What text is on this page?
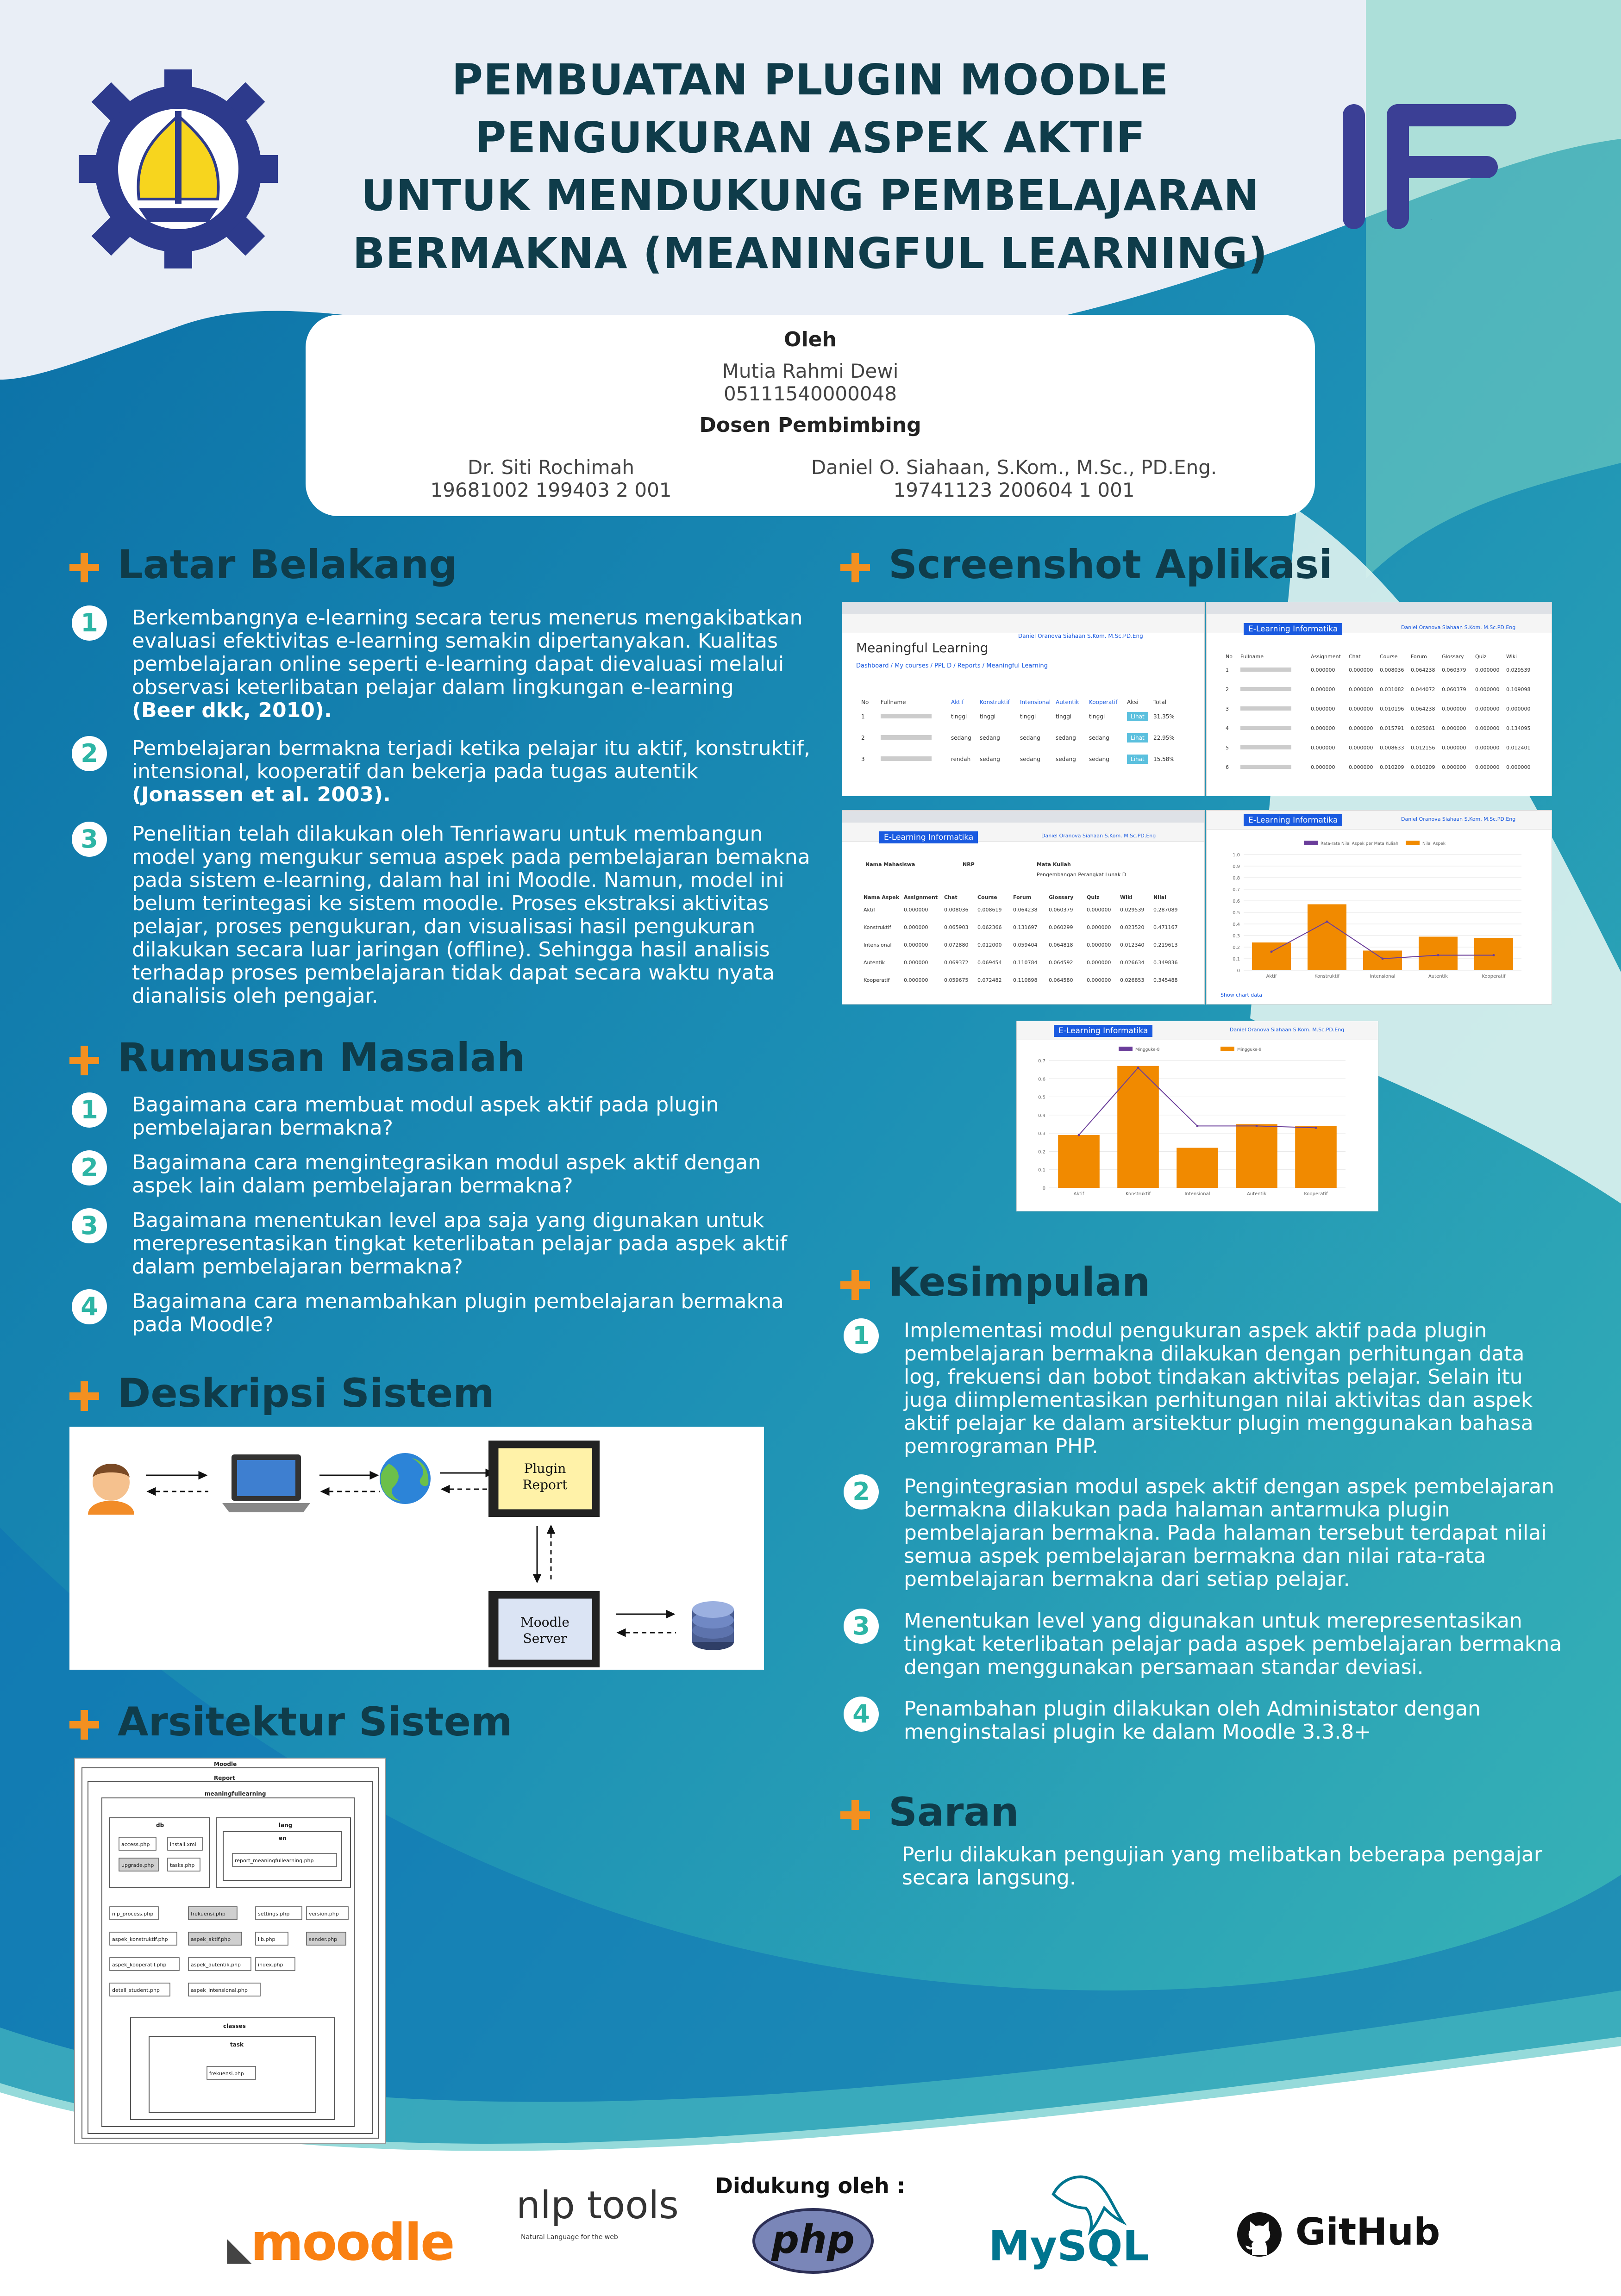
IF
PEMBUATAN PLUGIN MOODLE
PENGUKURAN ASPEK AKTIF
UNTUK MENDUKUNG PEMBELAJARAN
BERMAKNA (MEANINGFUL LEARNING)
Oleh
Mutia Rahmi Dewi
05111540000048
Dosen Pembimbing
Dr. Siti Rochimah
19681002 199403 2 001
Daniel O. Siahaan, S.Kom., M.Sc., PD.Eng.
19741123 200604 1 001
Latar Belakang
1	Berkembangnya e-learning secara terus menerus mengakibatkan
evaluasi efektivitas e-learning semakin dipertanyakan. Kualitas
pembelajaran online seperti e-learning dapat dievaluasi melalui
observasi keterlibatan pelajar dalam lingkungan e-learning
(Beer dkk, 2010).
2	Pembelajaran bermakna terjadi ketika pelajar itu aktif, konstruktif,
intensional, kooperatif dan bekerja pada tugas autentik
(Jonassen et al. 2003).
3	Penelitian telah dilakukan oleh Tenriawaru untuk membangun
model yang mengukur semua aspek pada pembelajaran bemakna
pada sistem e-learning, dalam hal ini Moodle. Namun, model ini
belum terintegasi ke sistem moodle. Proses ekstraksi aktivitas
pelajar, proses pengukuran, dan visualisasi hasil pengukuran
dilakukan secara luar jaringan (offline). Sehingga hasil analisis
terhadap proses pembelajaran tidak dapat secara waktu nyata
dianalisis oleh pengajar.
Rumusan Masalah
1	Bagaimana cara membuat modul aspek aktif pada plugin
pembelajaran bermakna?
2	Bagaimana cara mengintegrasikan modul aspek aktif dengan
aspek lain dalam pembelajaran bermakna?
3	Bagaimana menentukan level apa saja yang digunakan untuk
merepresentasikan tingkat keterlibatan pelajar pada aspek aktif
dalam pembelajaran bermakna?
4	Bagaimana cara menambahkan plugin pembelajaran bermakna
pada Moodle?
Deskripsi Sistem
Plugin
Report
Moodle
Server
Arsitektur Sistem
Moodle
Report
meaningfullearning
db	lang
en
classes
task
access.php	install.xml
upgrade.php	tasks.php
report_meaningfullearning.php
nlp_process.php	frekuensi.php	settings.php	version.php
aspek_konstruktif.php	aspek_aktif.php	lib.php	sender.php
aspek_kooperatif.php	aspek_autentik.php	index.php
detail_student.php	aspek_intensional.php
frekuensi.php
Screenshot Aplikasi
Meaningful Learning
Dashboard / My courses / PPL D / Reports / Meaningful Learning
Daniel Oranova Siahaan S.Kom. M.Sc.PD.Eng
No	Fullname	Aktif	Konstruktif	Intensional	Autentik	Kooperatif	Aksi	Total
1		tinggi	tinggi	tinggi	tinggi	tinggi	Lihat	31.35%
2		sedang	sedang	sedang	sedang	sedang	Lihat	22.95%
3		rendah	sedang	sedang	sedang	sedang	Lihat	15.58%
E-Learning Informatika	Daniel Oranova Siahaan S.Kom. M.Sc.PD.Eng
No	Fullname	Assignment	Chat	Course	Forum	Glossary	Quiz	Wiki
1		0.000000	0.000000	0.008036	0.064238	0.060379	0.000000	0.029539
2		0.000000	0.000000	0.031082	0.044072	0.060379	0.000000	0.109098
3		0.000000	0.000000	0.010196	0.064238	0.000000	0.000000	0.000000
4		0.000000	0.000000	0.015791	0.025061	0.000000	0.000000	0.134095
5		0.000000	0.000000	0.008633	0.012156	0.000000	0.000000	0.012401
6		0.000000	0.000000	0.010209	0.010209	0.000000	0.000000	0.000000
E-Learning Informatika	Daniel Oranova Siahaan S.Kom. M.Sc.PD.Eng
Nama Mahasiswa	NRP	Mata Kuliah
Pengembangan Perangkat Lunak D
Nama Aspek	Assignment	Chat	Course	Forum	Glossary	Quiz	Wiki	Nilai
Aktif	0.000000	0.008036	0.008619	0.064238	0.060379	0.000000	0.029539	0.287089
Konstruktif	0.000000	0.065903	0.062366	0.131697	0.060299	0.000000	0.023520	0.471167
Intensional	0.000000	0.072880	0.012000	0.059404	0.064818	0.000000	0.012340	0.219613
Autentik	0.000000	0.069372	0.069454	0.110784	0.064592	0.000000	0.026634	0.349836
Kooperatif	0.000000	0.059675	0.072482	0.110898	0.064580	0.000000	0.026853	0.345488
E-Learning Informatika	Daniel Oranova Siahaan S.Kom. M.Sc.PD.Eng
0
0.1
0.2
0.3
0.4
0.5
0.6
0.7
0.8
0.9
1.0
Aktif	Konstruktif	Intensional	Autentik	Kooperatif
Rata-rata Nilai Aspek per Mata Kuliah	Nilai Aspek
Show chart data
E-Learning Informatika	Daniel Oranova Siahaan S.Kom. M.Sc.PD.Eng
0
0.1
0.2
0.3
0.4
0.5
0.6
0.7
Aktif	Konstruktif	Intensional	Autentik	Kooperatif
Mingguke-8	Mingguke-9
Kesimpulan
1	Implementasi modul pengukuran aspek aktif pada plugin
pembelajaran bermakna dilakukan dengan perhitungan data
log, frekuensi dan bobot tindakan aktivitas pelajar. Selain itu
juga diimplementasikan perhitungan nilai aktivitas dan aspek
aktif pelajar ke dalam arsitektur plugin menggunakan bahasa
pemrograman PHP.
2	Pengintegrasian modul aspek aktif dengan aspek pembelajaran
bermakna dilakukan pada halaman antarmuka plugin
pembelajaran bermakna. Pada halaman tersebut terdapat nilai
semua aspek pembelajaran bermakna dan nilai rata-rata
pembelajaran bermakna dari setiap pelajar.
3	Menentukan level yang digunakan untuk merepresentasikan
tingkat keterlibatan pelajar pada aspek pembelajaran bermakna
dengan menggunakan persamaan standar deviasi.
4	Penambahan plugin dilakukan oleh Administator dengan
menginstalasi plugin ke dalam Moodle 3.3.8+
Saran
Perlu dilakukan pengujian yang melibatkan beberapa pengajar
secara langsung.
Didukung oleh :
◣moodle
nlp tools
Natural Language for the web	php	MySQL	GitHub
